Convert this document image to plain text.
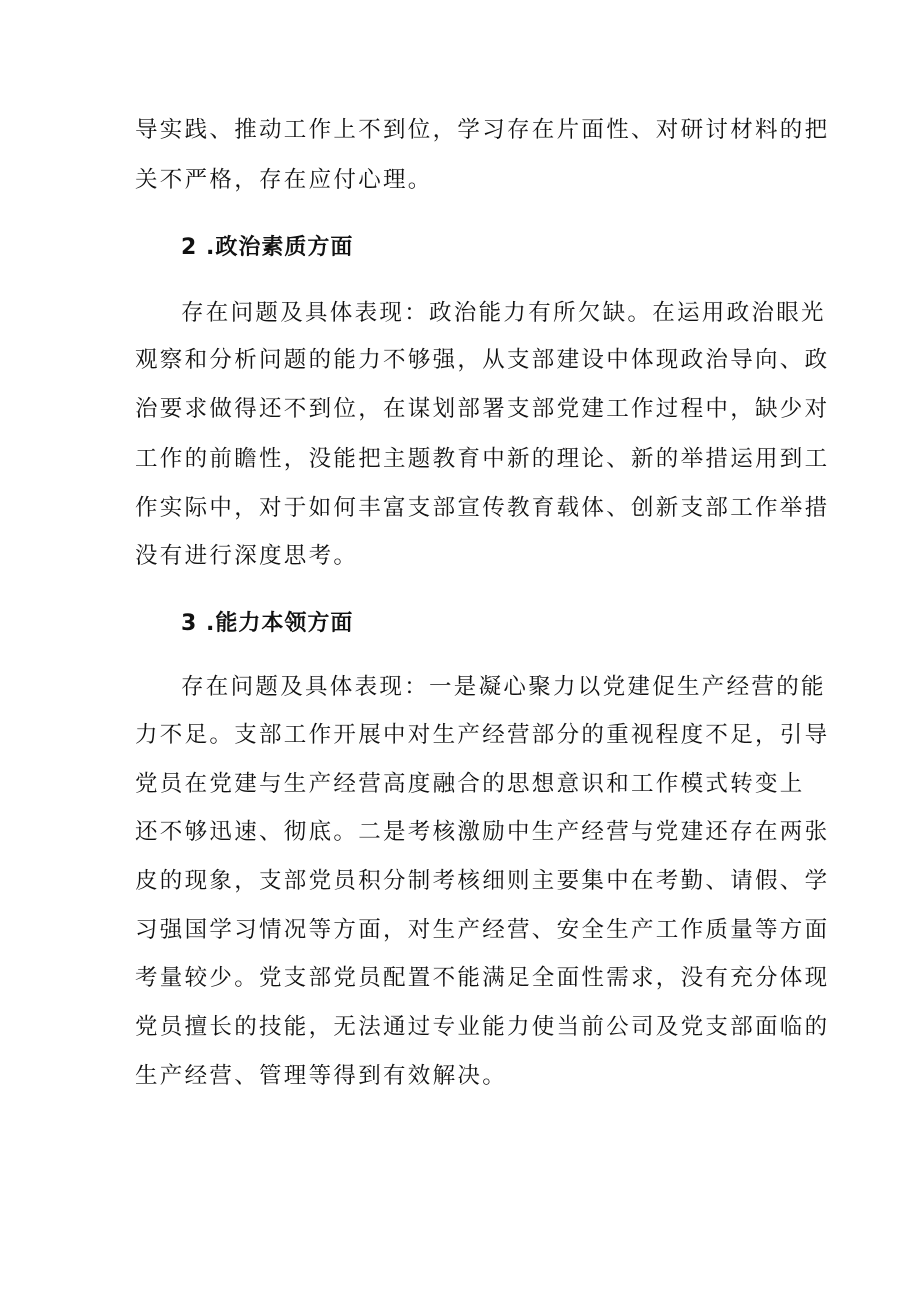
导实践、推动工作上不到位，学习存在片面性、对研讨材料的把
关不严格，存在应付心理。
2 .政治素质方面
存在问题及具体表现：政治能力有所欠缺。在运用政治眼光
观察和分析问题的能力不够强，从支部建设中体现政治导向、政
治要求做得还不到位，在谋划部署支部党建工作过程中，缺少对
工作的前瞻性，没能把主题教育中新的理论、新的举措运用到工
作实际中，对于如何丰富支部宣传教育载体、创新支部工作举措
没有进行深度思考。
3 .能力本领方面
存在问题及具体表现：一是凝心聚力以党建促生产经营的能
力不足。支部工作开展中对生产经营部分的重视程度不足，引导
党员在党建与生产经营高度融合的思想意识和工作模式转变上
还不够迅速、彻底。二是考核激励中生产经营与党建还存在两张
皮的现象，支部党员积分制考核细则主要集中在考勤、请假、学
习强国学习情况等方面，对生产经营、安全生产工作质量等方面
考量较少。党支部党员配置不能满足全面性需求，没有充分体现
党员擅长的技能，无法通过专业能力使当前公司及党支部面临的
生产经营、管理等得到有效解决。
